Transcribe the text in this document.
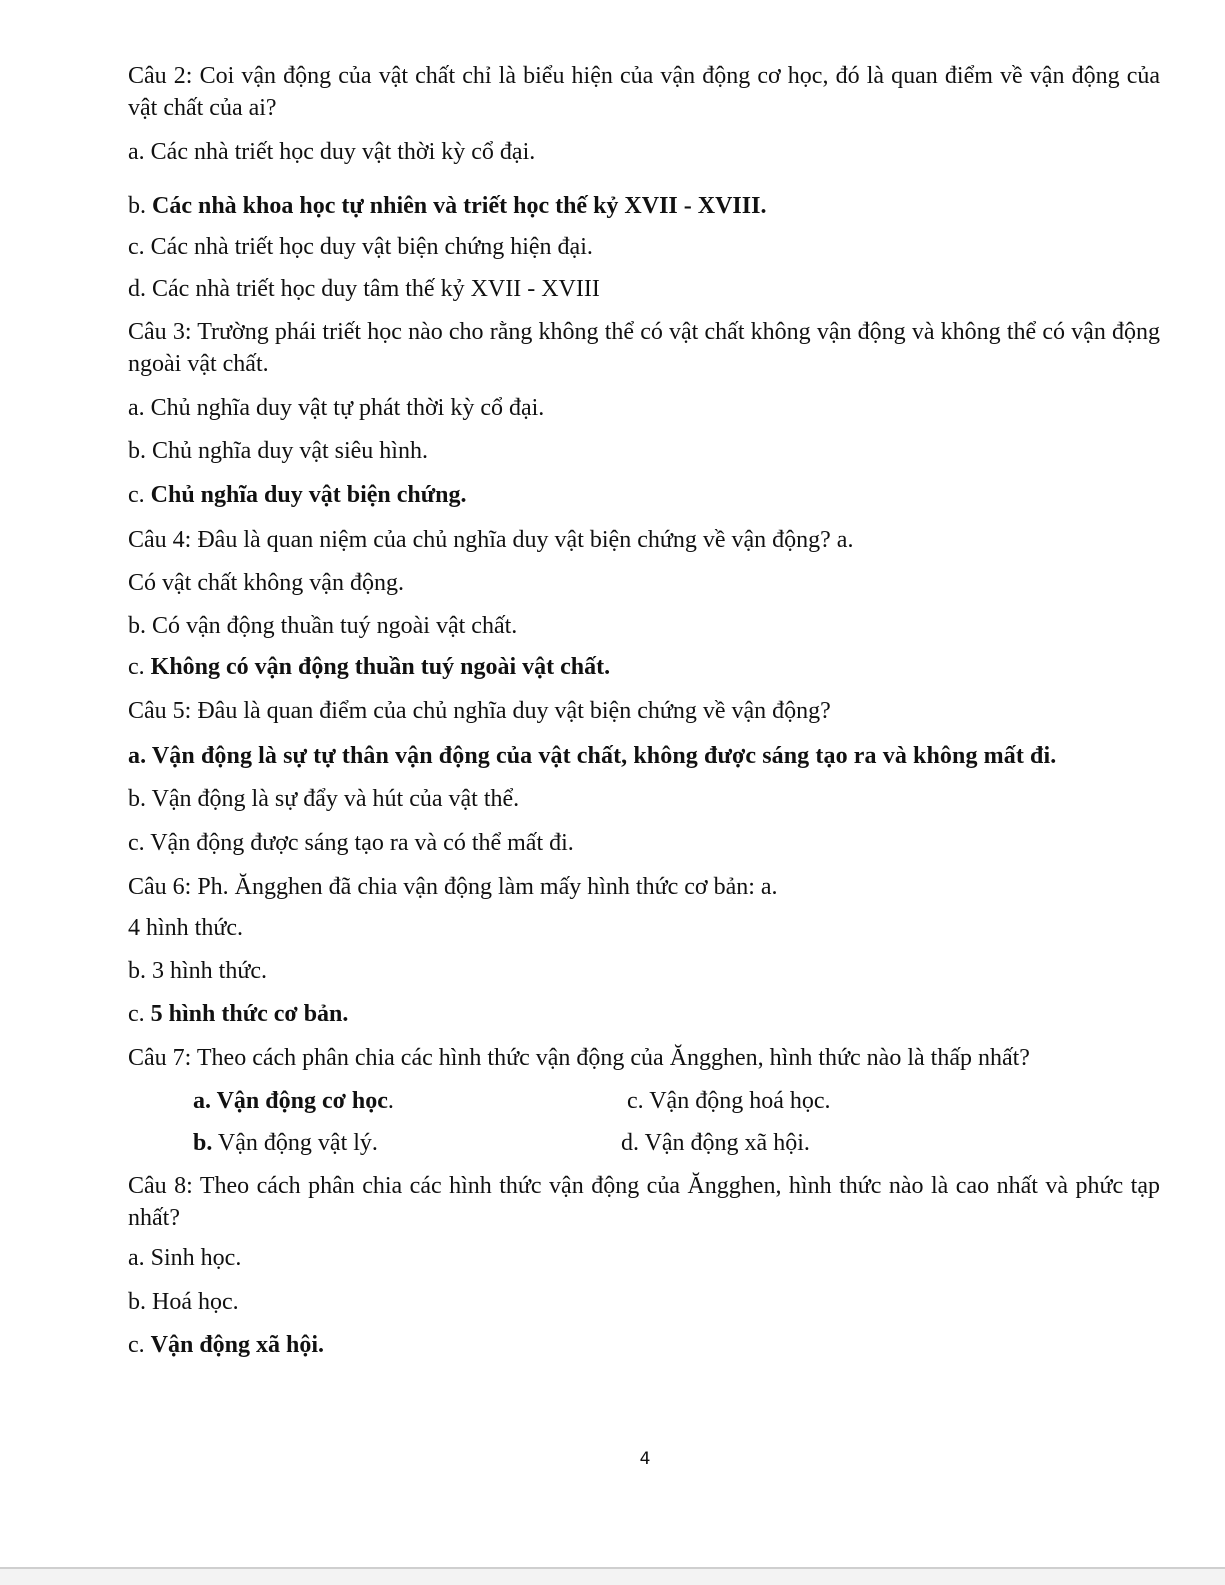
Câu 2: Coi vận động của vật chất chỉ là biểu hiện của vận động cơ học, đó là quan điểm về vận động của vật chất của ai?
a. Các nhà triết học duy vật thời kỳ cổ đại.
b. Các nhà khoa học tự nhiên và triết học thế kỷ XVII - XVIII.
c. Các nhà triết học duy vật biện chứng hiện đại.
d. Các nhà triết học duy tâm thế kỷ XVII - XVIII
Câu 3: Trường phái triết học nào cho rằng không thể có vật chất không vận động và không thể có vận động ngoài vật chất.
a. Chủ nghĩa duy vật tự phát thời kỳ cổ đại.
b. Chủ nghĩa duy vật siêu hình.
c. Chủ nghĩa duy vật biện chứng.
Câu 4: Đâu là quan niệm của chủ nghĩa duy vật biện chứng về vận động? a.
Có vật chất không vận động.
b. Có vận động thuần tuý ngoài vật chất.
c. Không có vận động thuần tuý ngoài vật chất.
Câu 5: Đâu là quan điểm của chủ nghĩa duy vật biện chứng về vận động?
a. Vận động là sự tự thân vận động của vật chất, không được sáng tạo ra và không mất đi.
b. Vận động là sự đẩy và hút của vật thể.
c. Vận động được sáng tạo ra và có thể mất đi.
Câu 6: Ph. Ăngghen đã chia vận động làm mấy hình thức cơ bản: a.
4 hình thức.
b. 3 hình thức.
c. 5 hình thức cơ bản.
Câu 7: Theo cách phân chia các hình thức vận động của Ăngghen, hình thức nào là thấp nhất?
a. Vận động cơ học.	c. Vận động hoá học.
b. Vận động vật lý.	d. Vận động xã hội.
Câu 8: Theo cách phân chia các hình thức vận động của Ăngghen, hình thức nào là cao nhất và phức tạp nhất?
a. Sinh học.
b. Hoá học.
c. Vận động xã hội.
4
